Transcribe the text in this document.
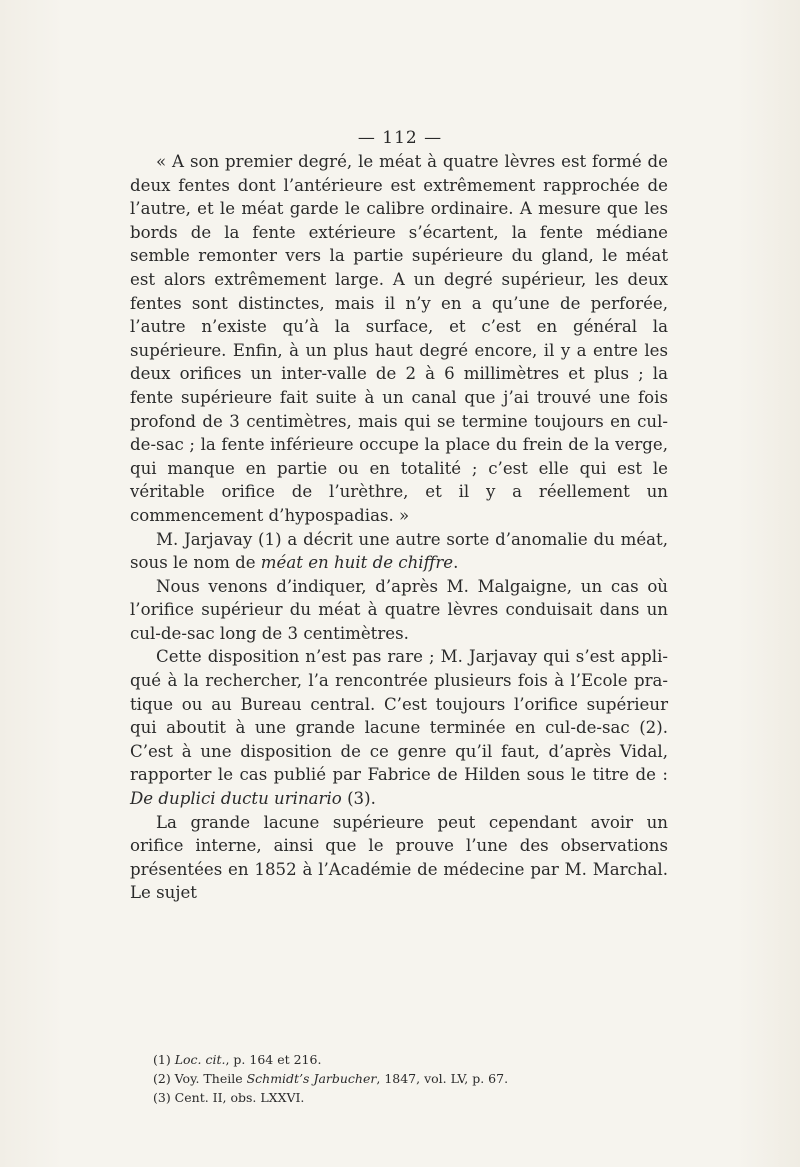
— 112 —

« A son premier degré, le méat à quatre lèvres est formé de deux fentes dont l’antérieure est extrêmement rapprochée de l’autre, et le méat garde le calibre ordinaire. A mesure que les bords de la fente extérieure s’écartent, la fente médiane semble remonter vers la partie supérieure du gland, le méat est alors extrêmement large. A un degré supérieur, les deux fentes sont distinctes, mais il n’y en a qu’une de perforée, l’autre n’existe qu’à la surface, et c’est en général la supérieure. Enfin, à un plus haut degré encore, il y a entre les deux orifices un inter-valle de 2 à 6 millimètres et plus ; la fente supérieure fait suite à un canal que j’ai trouvé une fois profond de 3 centimètres, mais qui se termine toujours en cul-de-sac ; la fente inférieure occupe la place du frein de la verge, qui manque en partie ou en totalité ; c’est elle qui est le véritable orifice de l’urèthre, et il y a réellement un commencement d’hypospadias. »

M. Jarjavay (1) a décrit une autre sorte d’anomalie du méat, sous le nom de méat en huit de chiffre.

Nous venons d’indiquer, d’après M. Malgaigne, un cas où l’orifice supérieur du méat à quatre lèvres conduisait dans un cul-de-sac long de 3 centimètres.

Cette disposition n’est pas rare ; M. Jarjavay qui s’est appli-qué à la rechercher, l’a rencontrée plusieurs fois à l’Ecole pra-tique ou au Bureau central. C’est toujours l’orifice supérieur qui aboutit à une grande lacune terminée en cul-de-sac (2). C’est à une disposition de ce genre qu’il faut, d’après Vidal, rapporter le cas publié par Fabrice de Hilden sous le titre de : De duplici ductu urinario (3).

La grande lacune supérieure peut cependant avoir un orifice interne, ainsi que le prouve l’une des observations présentées en 1852 à l’Académie de médecine par M. Marchal. Le sujet

(1) Loc. cit., p. 164 et 216.
(2) Voy. Theile Schmidt’s Jarbucher, 1847, vol. LV, p. 67.
(3) Cent. II, obs. LXXVI.
